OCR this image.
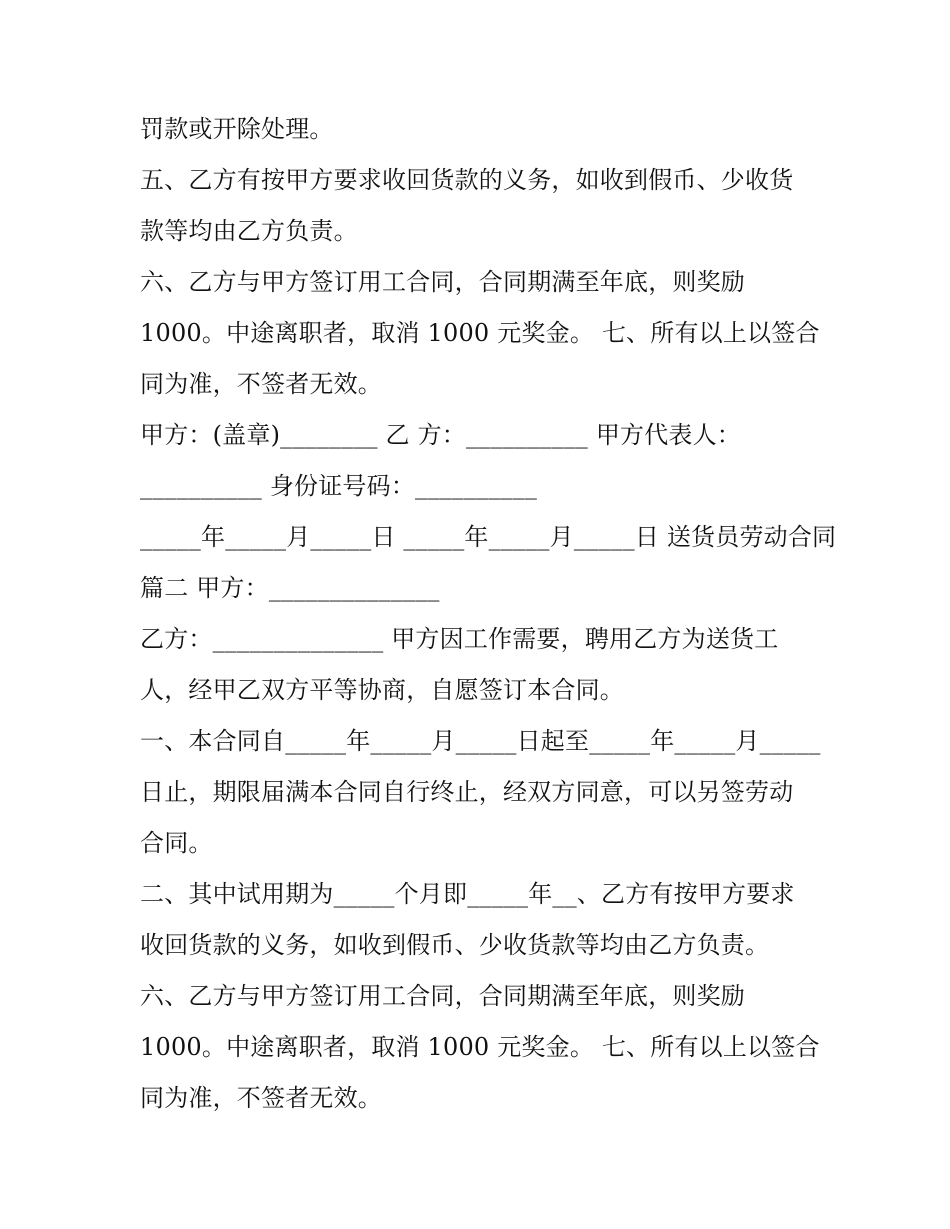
罚款或开除处理。
五、乙方有按甲方要求收回货款的义务，如收到假币、少收货
款等均由乙方负责。
六、乙方与甲方签订用工合同，合同期满至年底，则奖励
1000。中途离职者，取消 1000 元奖金。 七、所有以上以签合
同为准，不签者无效。
甲方：(盖章)________ 乙 方：__________ 甲方代表人：
__________ 身份证号码：__________
_____年_____月_____日 _____年_____月_____日 送货员劳动合同
篇二 甲方：______________
乙方：______________ 甲方因工作需要，聘用乙方为送货工
人，经甲乙双方平等协商，自愿签订本合同。
一、本合同自_____年_____月_____日起至_____年_____月_____
日止，期限届满本合同自行终止，经双方同意，可以另签劳动
合同。
二、其中试用期为_____个月即_____年__、乙方有按甲方要求
收回货款的义务，如收到假币、少收货款等均由乙方负责。
六、乙方与甲方签订用工合同，合同期满至年底，则奖励
1000。中途离职者，取消 1000 元奖金。 七、所有以上以签合
同为准，不签者无效。
